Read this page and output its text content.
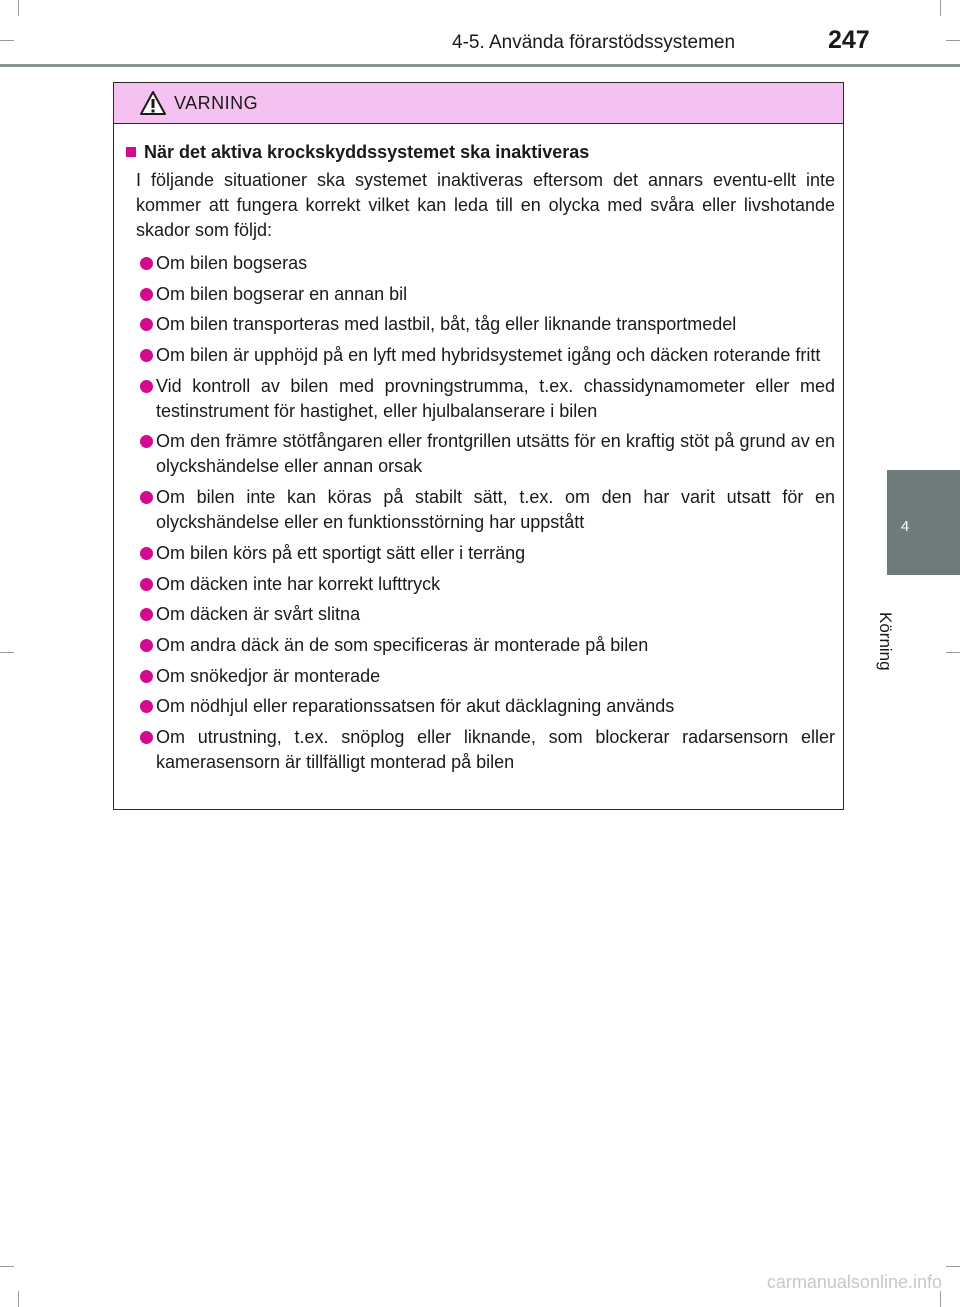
4-5. Använda förarstödssystemen	247
4
Körning
VARNING
När det aktiva krockskyddssystemet ska inaktiveras
I följande situationer ska systemet inaktiveras eftersom det annars eventu-ellt inte kommer att fungera korrekt vilket kan leda till en olycka med svåra eller livshotande skador som följd:
Om bilen bogseras
Om bilen bogserar en annan bil
Om bilen transporteras med lastbil, båt, tåg eller liknande transportmedel
Om bilen är upphöjd på en lyft med hybridsystemet igång och däcken roterande fritt
Vid kontroll av bilen med provningstrumma, t.ex. chassidynamometer eller med testinstrument för hastighet, eller hjulbalanserare i bilen
Om den främre stötfångaren eller frontgrillen utsätts för en kraftig stöt på grund av en olyckshändelse eller annan orsak
Om bilen inte kan köras på stabilt sätt, t.ex. om den har varit utsatt för en olyckshändelse eller en funktionsstörning har uppstått
Om bilen körs på ett sportigt sätt eller i terräng
Om däcken inte har korrekt lufttryck
Om däcken är svårt slitna
Om andra däck än de som specificeras är monterade på bilen
Om snökedjor är monterade
Om nödhjul eller reparationssatsen för akut däcklagning används
Om utrustning, t.ex. snöplog eller liknande, som blockerar radarsensorn eller kamerasensorn är tillfälligt monterad på bilen
carmanualsonline.info
